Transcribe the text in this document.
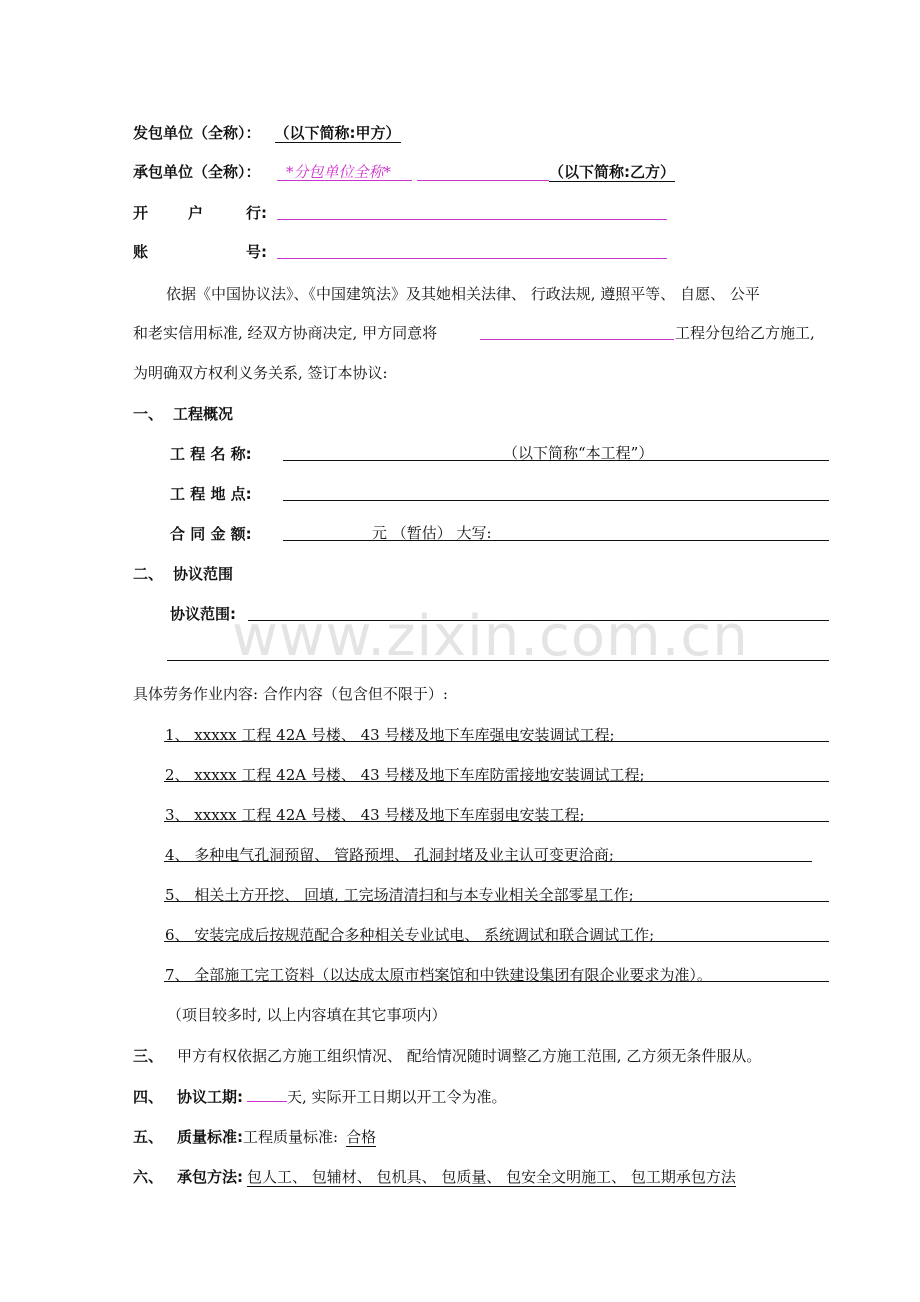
www.zixin.com.cn
发包单位（全称）： （以下简称:甲方）
承包单位（全称）： *分包单位全称*	（以下简称:乙方）
开	户	行:
账	号:
依据《中国协议法》、《中国建筑法》及其她相关法律、 行政法规, 遵照平等、 自愿、 公平
和老实信用标准, 经双方协商决定, 甲方同意将	工程分包给乙方施工,
为明确双方权利义务关系, 签订本协议:
一、 工程概况
工 程 名 称:	（以下简称“本工程”）
工 程 地 点:
合 同 金 额:	元 （暂估） 大写:
二、 协议范围
协议范围:
具体劳务作业内容: 合作内容（包含但不限于）:
1、 xxxxx 工程 42A 号楼、 43 号楼及地下车库强电安装调试工程;
2、 xxxxx 工程 42A 号楼、 43 号楼及地下车库防雷接地安装调试工程;
3、 xxxxx 工程 42A 号楼、 43 号楼及地下车库弱电安装工程;
4、 多种电气孔洞预留、 管路预埋、 孔洞封堵及业主认可变更洽商;
5、 相关土方开挖、 回填, 工完场清清扫和与本专业相关全部零星工作;
6、 安装完成后按规范配合多种相关专业试电、 系统调试和联合调试工作;
7、 全部施工完工资料（以达成太原市档案馆和中铁建设集团有限企业要求为准）。
（项目较多时, 以上内容填在其它事项内）
三、 甲方有权依据乙方施工组织情况、 配给情况随时调整乙方施工范围, 乙方须无条件服从。
四、 协议工期:	天, 实际开工日期以开工令为准。
五、 质量标准:工程质量标准: 合格
六、 承包方法: 包人工、 包辅材、 包机具、 包质量、 包安全文明施工、 包工期承包方法
